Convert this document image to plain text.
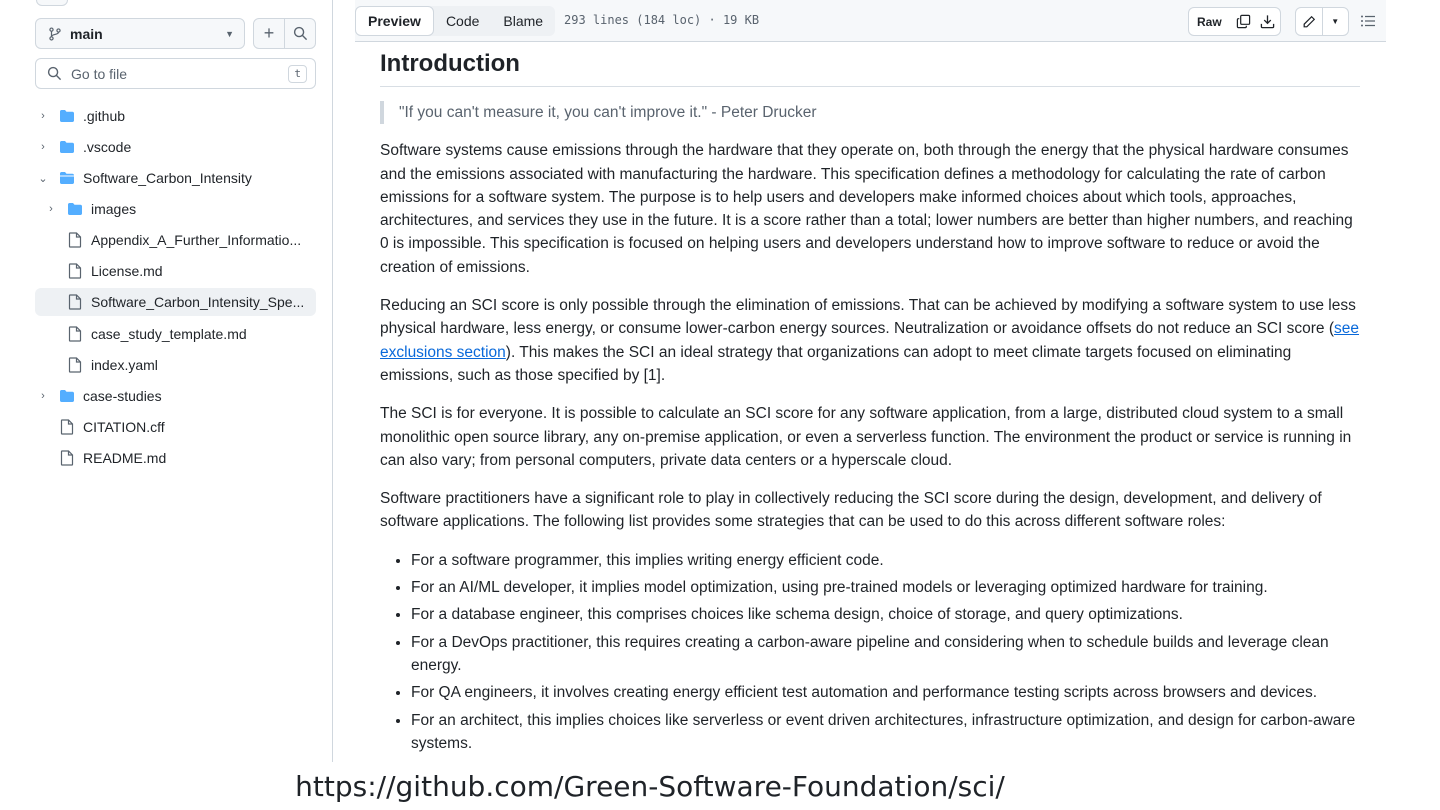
main	▼ +
Go to file	t
›	.github
›	.vscode
⌄	Software_Carbon_Intensity
›	images
Appendix_A_Further_Informatio...
License.md
Software_Carbon_Intensity_Spe...
case_study_template.md
index.yaml
›	case-studies
CITATION.cff
README.md
Preview	Code	Blame	293 lines (184 loc) · 19 KB	Raw	▼
Introduction
"If you can't measure it, you can't improve it." - Peter Drucker

Software systems cause emissions through the hardware that they operate on, both through the energy that the physical hardware consumes and the emissions associated with manufacturing the hardware. This specification defines a methodology for calculating the rate of carbon emissions for a software system. The purpose is to help users and developers make informed choices about which tools, approaches, architectures, and services they use in the future. It is a score rather than a total; lower numbers are better than higher numbers, and reaching 0 is impossible. This specification is focused on helping users and developers understand how to improve software to reduce or avoid the creation of emissions.

Reducing an SCI score is only possible through the elimination of emissions. That can be achieved by modifying a software system to use less physical hardware, less energy, or consume lower-carbon energy sources. Neutralization or avoidance offsets do not reduce an SCI score (see exclusions section). This makes the SCI an ideal strategy that organizations can adopt to meet climate targets focused on eliminating emissions, such as those specified by [1].

The SCI is for everyone. It is possible to calculate an SCI score for any software application, from a large, distributed cloud system to a small monolithic open source library, any on-premise application, or even a serverless function. The environment the product or service is running in can also vary; from personal computers, private data centers or a hyperscale cloud.

Software practitioners have a significant role to play in collectively reducing the SCI score during the design, development, and delivery of software applications. The following list provides some strategies that can be used to do this across different software roles:

• For a software programmer, this implies writing energy efficient code.
• For an AI/ML developer, it implies model optimization, using pre-trained models or leveraging optimized hardware for training.
• For a database engineer, this comprises choices like schema design, choice of storage, and query optimizations.
• For a DevOps practitioner, this requires creating a carbon-aware pipeline and considering when to schedule builds and leverage clean energy.
• For QA engineers, it involves creating energy efficient test automation and performance testing scripts across browsers and devices.
• For an architect, this implies choices like serverless or event driven architectures, infrastructure optimization, and design for carbon-aware systems.
https://github.com/Green-Software-Foundation/sci/
